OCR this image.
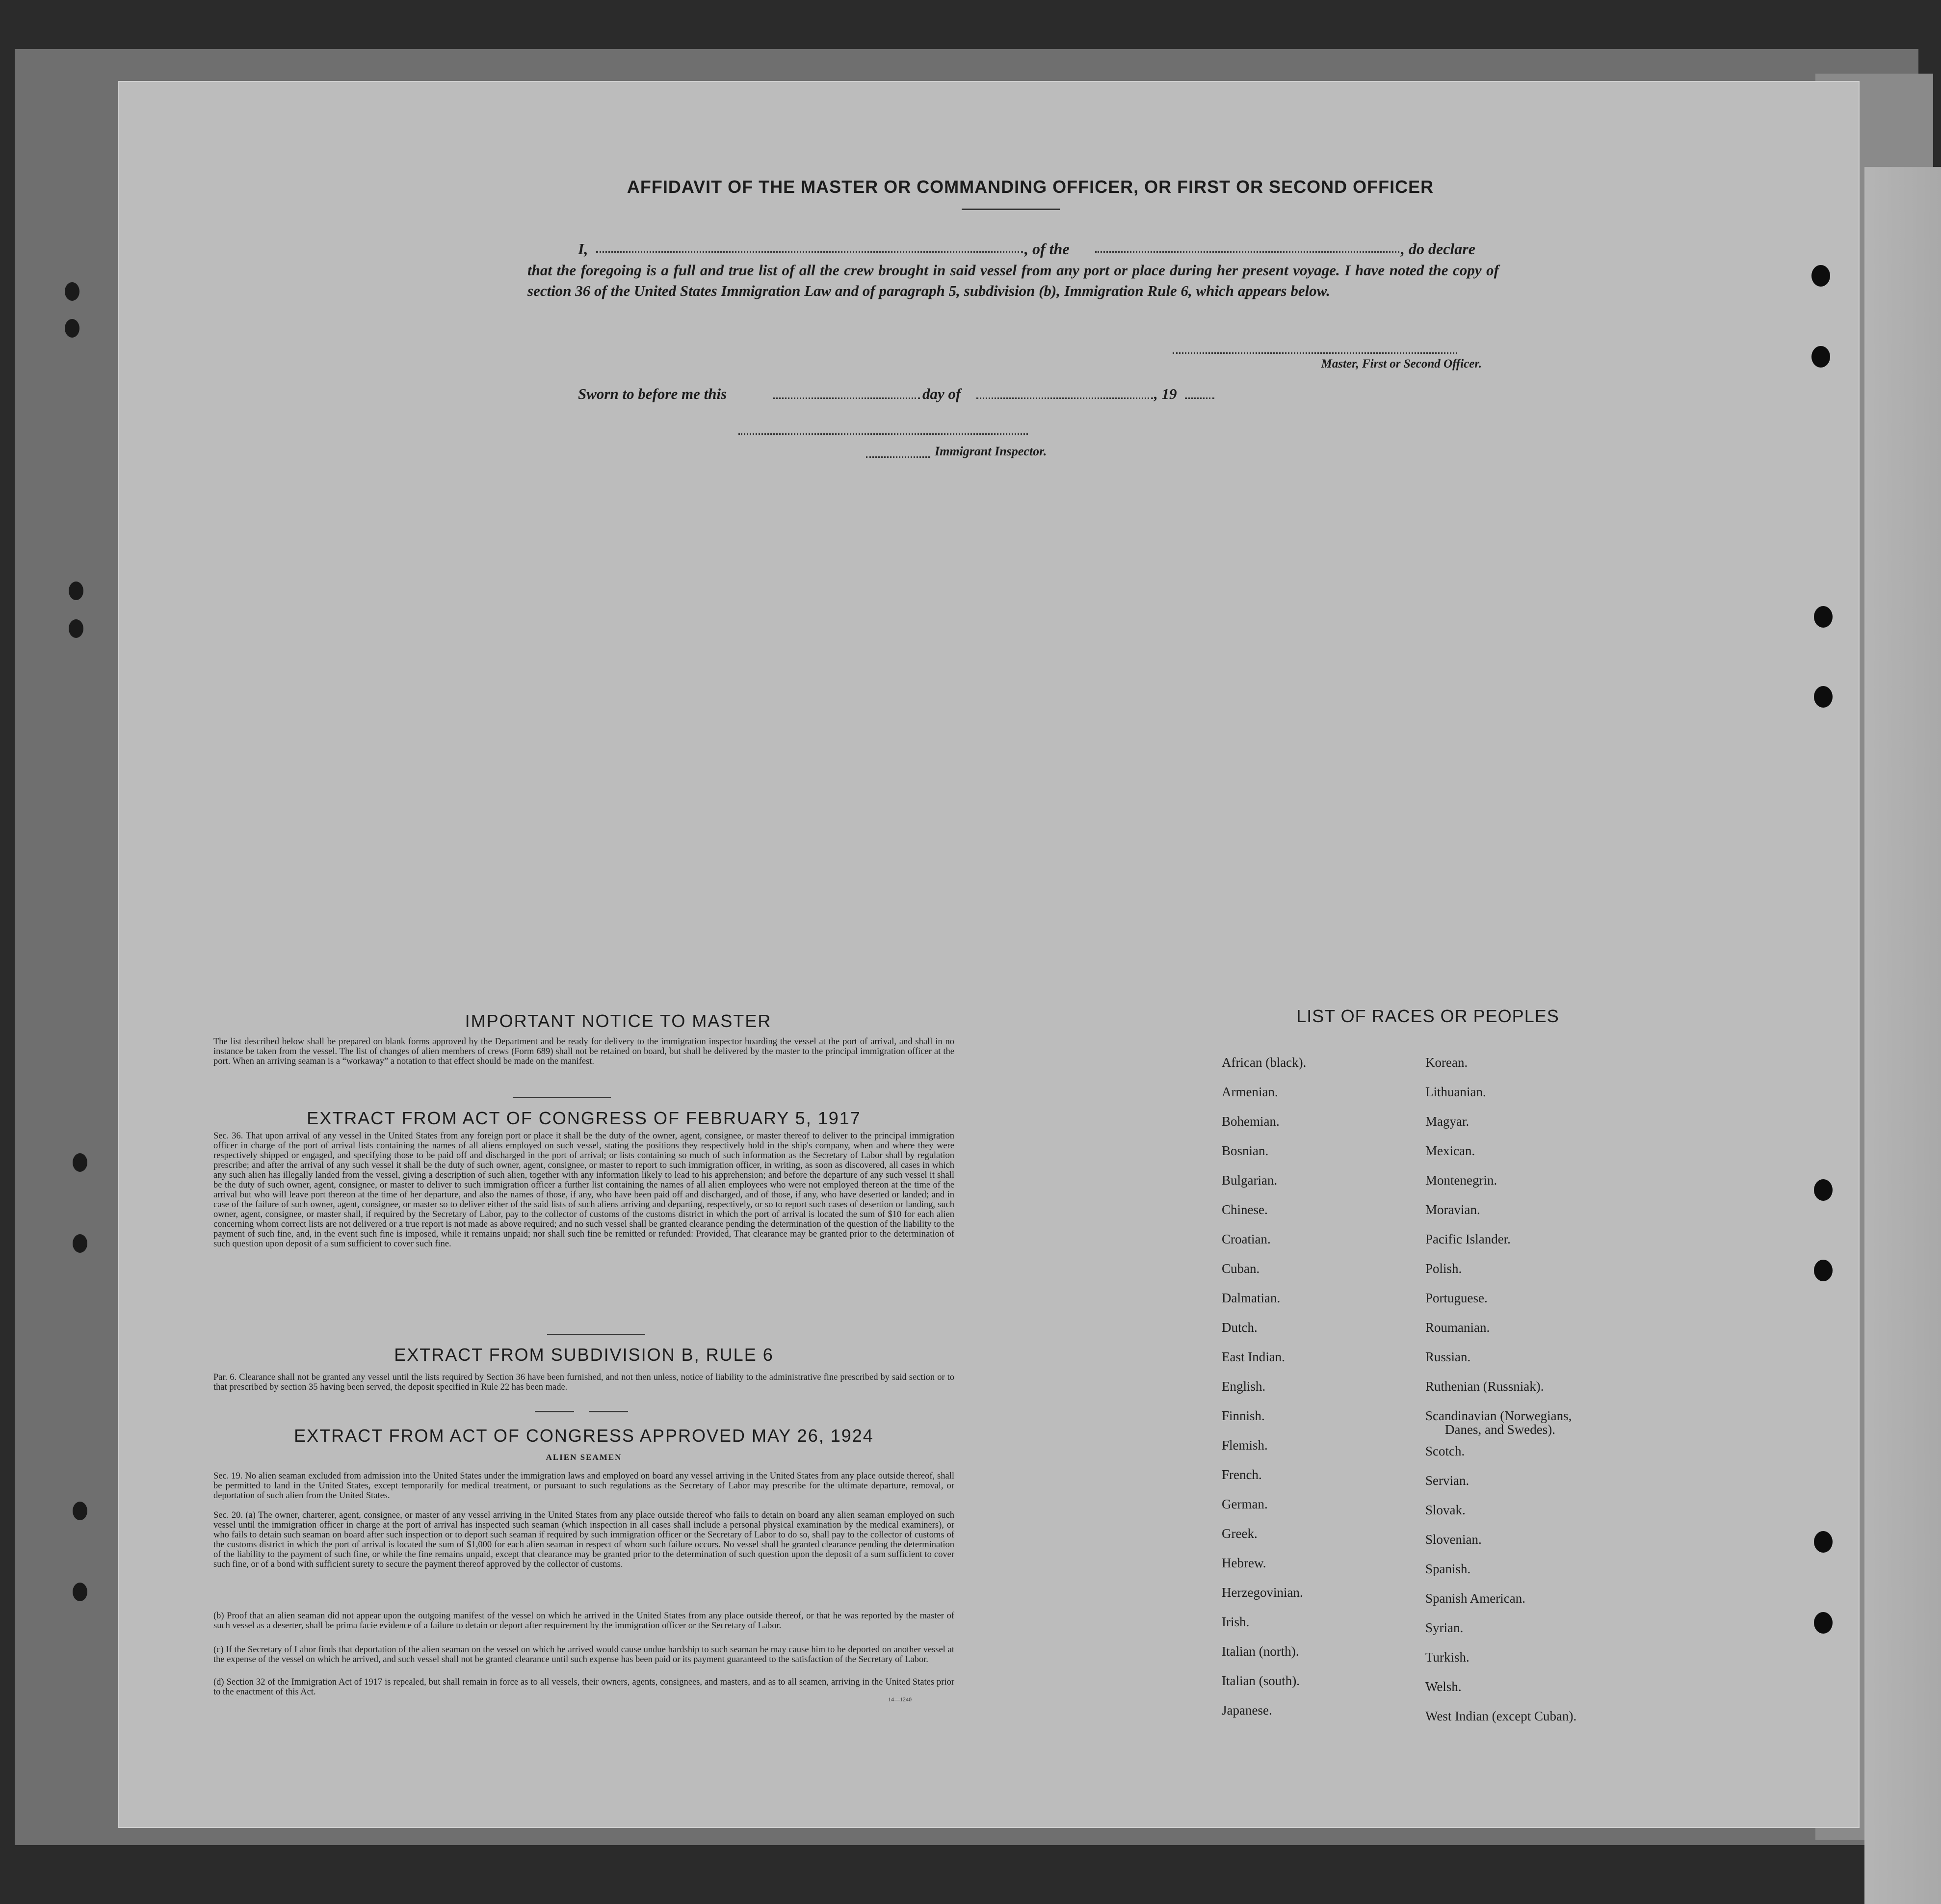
AFFIDAVIT OF THE MASTER OR COMMANDING OFFICER, OR FIRST OR SECOND OFFICER
I,	, of the	, do declare
that the foregoing is a full and true list of all the crew brought in said vessel from any port or place during her present voyage. I have noted the copy of section 36 of the United States Immigration Law and of paragraph 5, subdivision (b), Immigration Rule 6, which appears below.
Master, First or Second Officer.
Sworn to before me this	day of	, 19
Immigrant Inspector.
IMPORTANT NOTICE TO MASTER
The list described below shall be prepared on blank forms approved by the Department and be ready for delivery to the immigration inspector boarding the vessel at the port of arrival, and shall in no instance be taken from the vessel. The list of changes of alien members of crews (Form 689) shall not be retained on board, but shall be delivered by the master to the principal immigration officer at the port. When an arriving seaman is a “workaway” a notation to that effect should be made on the manifest.
EXTRACT FROM ACT OF CONGRESS OF FEBRUARY 5, 1917
Sec. 36. That upon arrival of any vessel in the United States from any foreign port or place it shall be the duty of the owner, agent, consignee, or master thereof to deliver to the principal immigration officer in charge of the port of arrival lists containing the names of all aliens employed on such vessel, stating the positions they respectively hold in the ship's company, when and where they were respectively shipped or engaged, and specifying those to be paid off and discharged in the port of arrival; or lists containing so much of such information as the Secretary of Labor shall by regulation prescribe; and after the arrival of any such vessel it shall be the duty of such owner, agent, consignee, or master to report to such immigration officer, in writing, as soon as discovered, all cases in which any such alien has illegally landed from the vessel, giving a description of such alien, together with any information likely to lead to his apprehension; and before the departure of any such vessel it shall be the duty of such owner, agent, consignee, or master to deliver to such immigration officer a further list containing the names of all alien employees who were not employed thereon at the time of the arrival but who will leave port thereon at the time of her departure, and also the names of those, if any, who have been paid off and discharged, and of those, if any, who have deserted or landed; and in case of the failure of such owner, agent, consignee, or master so to deliver either of the said lists of such aliens arriving and departing, respectively, or so to report such cases of desertion or landing, such owner, agent, consignee, or master shall, if required by the Secretary of Labor, pay to the collector of customs of the customs district in which the port of arrival is located the sum of $10 for each alien concerning whom correct lists are not delivered or a true report is not made as above required; and no such vessel shall be granted clearance pending the determination of the question of the liability to the payment of such fine, and, in the event such fine is imposed, while it remains unpaid; nor shall such fine be remitted or refunded: Provided, That clearance may be granted prior to the determination of such question upon deposit of a sum sufficient to cover such fine.
EXTRACT FROM SUBDIVISION B, RULE 6
Par. 6. Clearance shall not be granted any vessel until the lists required by Section 36 have been furnished, and not then unless, notice of liability to the administrative fine prescribed by said section or to that prescribed by section 35 having been served, the deposit specified in Rule 22 has been made.
EXTRACT FROM ACT OF CONGRESS APPROVED MAY 26, 1924
ALIEN SEAMEN
Sec. 19. No alien seaman excluded from admission into the United States under the immigration laws and employed on board any vessel arriving in the United States from any place outside thereof, shall be permitted to land in the United States, except temporarily for medical treatment, or pursuant to such regulations as the Secretary of Labor may prescribe for the ultimate departure, removal, or deportation of such alien from the United States.
Sec. 20. (a) The owner, charterer, agent, consignee, or master of any vessel arriving in the United States from any place outside thereof who fails to detain on board any alien seaman employed on such vessel until the immigration officer in charge at the port of arrival has inspected such seaman (which inspection in all cases shall include a personal physical examination by the medical examiners), or who fails to detain such seaman on board after such inspection or to deport such seaman if required by such immigration officer or the Secretary of Labor to do so, shall pay to the collector of customs of the customs district in which the port of arrival is located the sum of $1,000 for each alien seaman in respect of whom such failure occurs. No vessel shall be granted clearance pending the determination of the liability to the payment of such fine, or while the fine remains unpaid, except that clearance may be granted prior to the determination of such question upon the deposit of a sum sufficient to cover such fine, or of a bond with sufficient surety to secure the payment thereof approved by the collector of customs.
(b) Proof that an alien seaman did not appear upon the outgoing manifest of the vessel on which he arrived in the United States from any place outside thereof, or that he was reported by the master of such vessel as a deserter, shall be prima facie evidence of a failure to detain or deport after requirement by the immigration officer or the Secretary of Labor.
(c) If the Secretary of Labor finds that deportation of the alien seaman on the vessel on which he arrived would cause undue hardship to such seaman he may cause him to be deported on another vessel at the expense of the vessel on which he arrived, and such vessel shall not be granted clearance until such expense has been paid or its payment guaranteed to the satisfaction of the Secretary of Labor.
(d) Section 32 of the Immigration Act of 1917 is repealed, but shall remain in force as to all vessels, their owners, agents, consignees, and masters, and as to all seamen, arriving in the United States prior to the enactment of this Act.
14—1240
LIST OF RACES OR PEOPLES
African (black).
Armenian.
Bohemian.
Bosnian.
Bulgarian.
Chinese.
Croatian.
Cuban.
Dalmatian.
Dutch.
East Indian.
English.
Finnish.
Flemish.
French.
German.
Greek.
Hebrew.
Herzegovinian.
Irish.
Italian (north).
Italian (south).
Japanese.
Korean.
Lithuanian.
Magyar.
Mexican.
Montenegrin.
Moravian.
Pacific Islander.
Polish.
Portuguese.
Roumanian.
Russian.
Ruthenian (Russniak).
Scandinavian (Norwegians,
Danes, and Swedes).
Scotch.
Servian.
Slovak.
Slovenian.
Spanish.
Spanish American.
Syrian.
Turkish.
Welsh.
West Indian (except Cuban).
